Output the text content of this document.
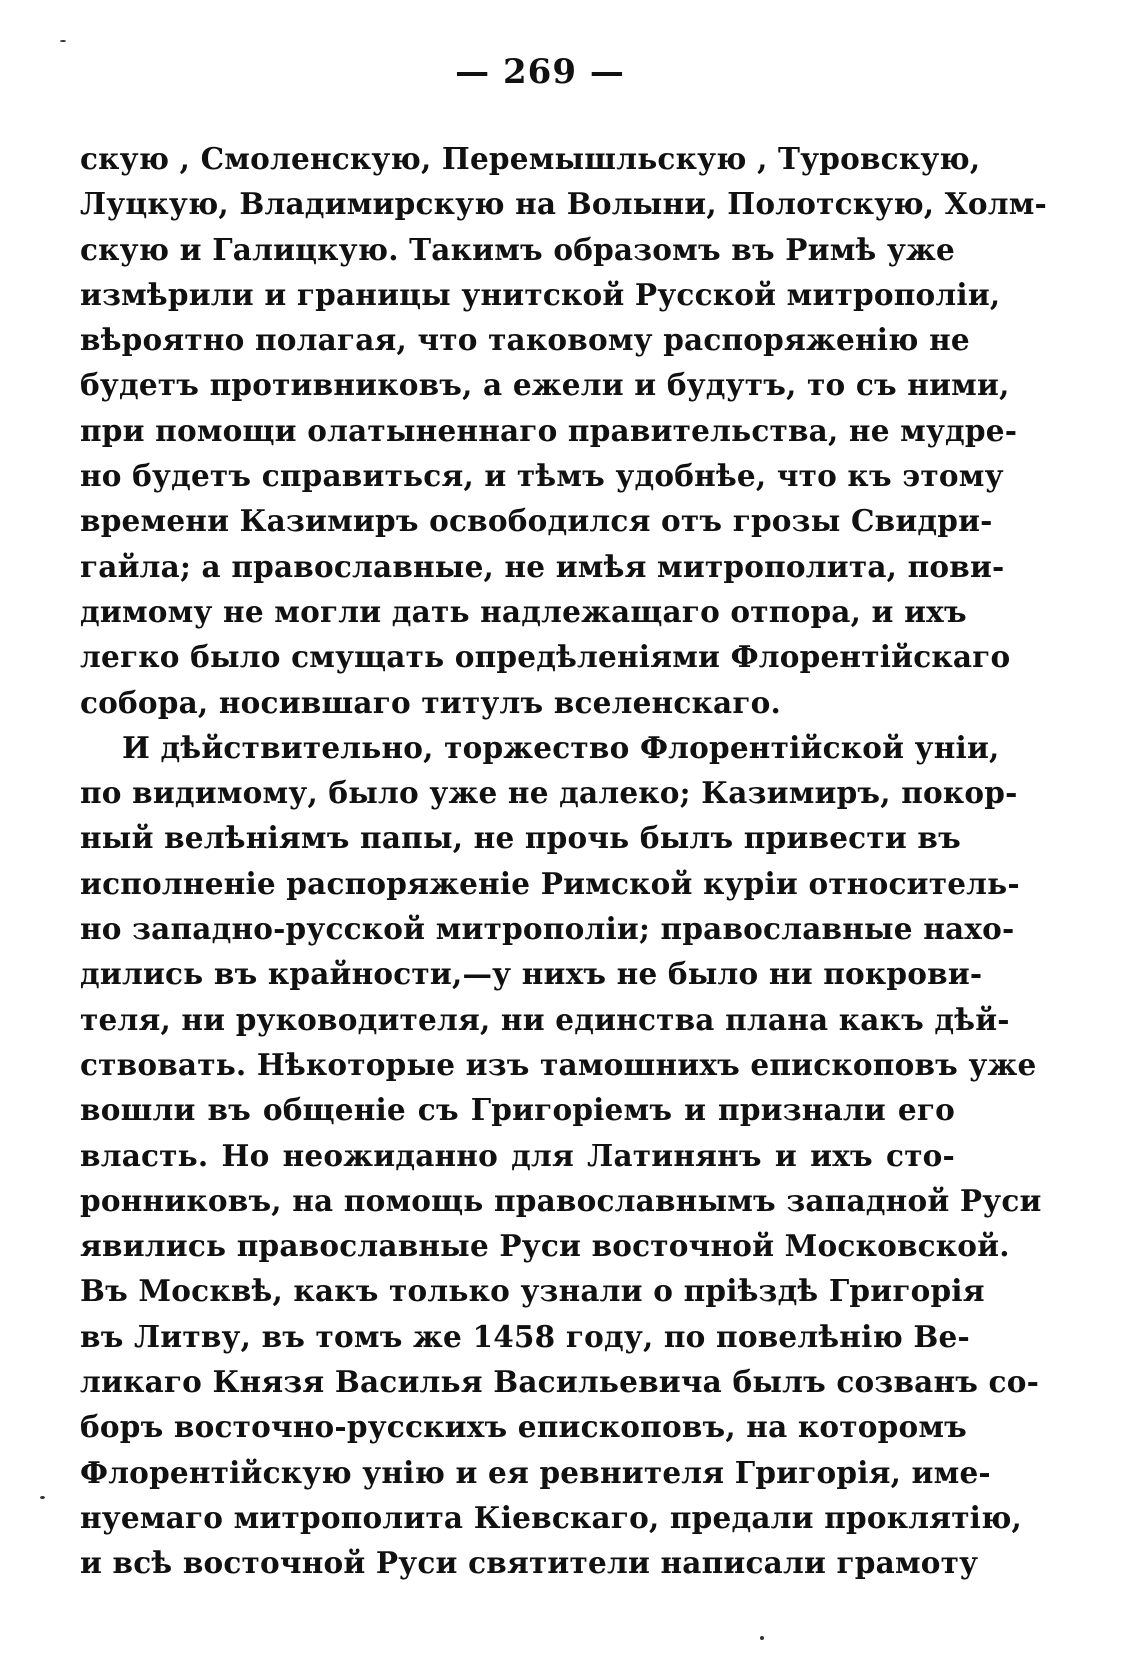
— 269 —
скую , Смоленскую, Перемышльскую , Туровскую,
Луцкую, Владимирскую на Волыни, Полотскую, Холм-
скую и Галицкую. Такимъ образомъ въ Римѣ уже
измѣрили и границы унитской Русской митрополіи,
вѣроятно полагая, что таковому распоряженію не
будетъ противниковъ, а ежели и будутъ, то съ ними,
при помощи олатыненнаго правительства, не мудре-
но будетъ справиться, и тѣмъ удобнѣе, что къ этому
времени Казимиръ освободился отъ грозы Свидри-
гайла; а православные, не имѣя митрополита, пови-
димому не могли дать надлежащаго отпора, и ихъ
легко было смущать опредѣленіями Флорентійскаго
собора, носившаго титулъ вселенскаго.
И дѣйствительно, торжество Флорентійской уніи,
по видимому, было уже не далеко; Казимиръ, покор-
ный велѣніямъ папы, не прочь былъ привести въ
исполненіе распоряженіе Римской куріи относитель-
но западно-русской митрополіи; православные нахо-
дились въ крайности,—у нихъ не было ни покрови-
теля, ни руководителя, ни единства плана какъ дѣй-
ствовать. Нѣкоторые изъ тамошнихъ епископовъ уже
вошли въ общеніе съ Григоріемъ и признали его
власть. Но неожиданно для Латинянъ и ихъ сто-
ронниковъ, на помощь православнымъ западной Руси
явились православные Руси восточной Московской.
Въ Москвѣ, какъ только узнали о пріѣздѣ Григорія
въ Литву, въ томъ же 1458 году, по повелѣнію Ве-
ликаго Князя Василья Васильевича былъ созванъ со-
боръ восточно-русскихъ епископовъ, на которомъ
Флорентійскую унію и ея ревнителя Григорія, име-
нуемаго митрополита Кіевскаго, предали проклятію,
и всѣ восточной Руси святители написали грамоту
